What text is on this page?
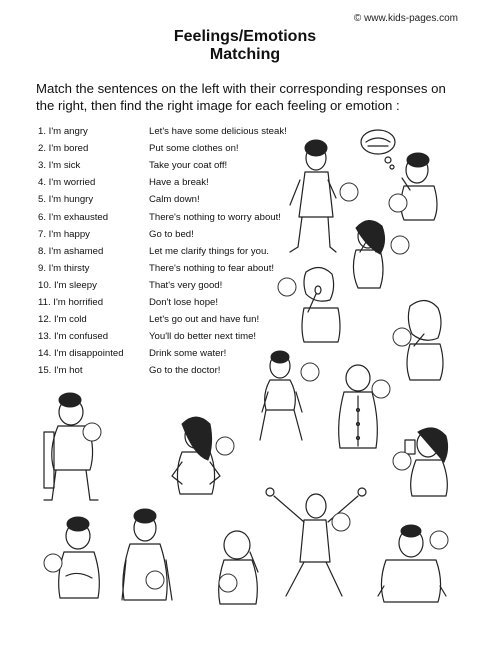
© www.kids-pages.com
Feelings/Emotions
Matching
Match the sentences on the left with their corresponding responses on the right, then find the right image for each feeling or emotion :
1. I'm angry	Let's have some delicious steak!
2. I'm bored	Put some clothes on!
3. I'm sick	Take your coat off!
4. I'm worried	Have a break!
5. I'm hungry	Calm down!
6. I'm exhausted	There's nothing to worry about!
7. I'm happy	Go to bed!
8. I'm ashamed	Let me clarify things for you.
9. I'm thirsty	There's nothing to fear about!
10. I'm sleepy	That's very good!
11. I'm horrified	Don't lose hope!
12. I'm cold	Let's go out and have fun!
13. I'm confused	You'll do better next time!
14. I'm disappointed	Drink some water!
15. I'm hot	Go to the doctor!
